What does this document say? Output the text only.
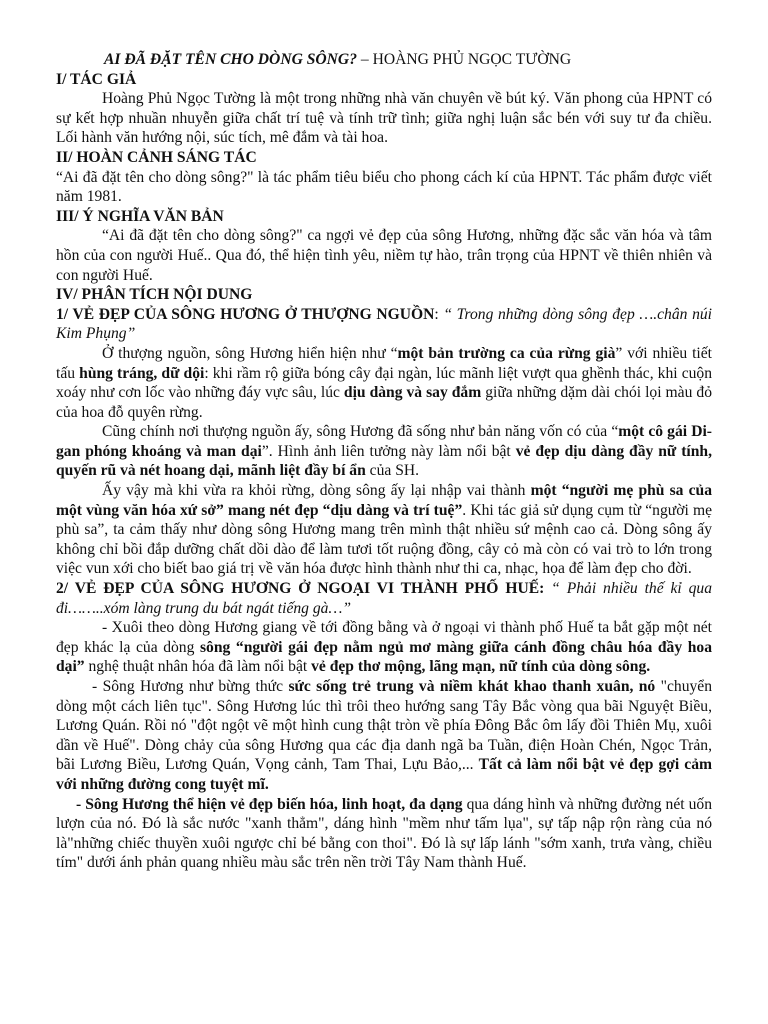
AI ĐÃ ĐẶT TÊN CHO DÒNG SÔNG? – HOÀNG PHỦ NGỌC TƯỜNG

I/ TÁC GIẢ

Hoàng Phủ Ngọc Tường là một trong những nhà văn chuyên về bút ký. Văn phong của HPNT có sự kết hợp nhuần nhuyễn giữa chất trí tuệ và tính trữ tình; giữa nghị luận sắc bén với suy tư đa chiều. Lối hành văn hướng nội, súc tích, mê đắm và tài hoa.

II/ HOÀN CẢNH SÁNG TÁC

“Ai đã đặt tên cho dòng sông?" là tác phẩm tiêu biểu cho phong cách kí của HPNT. Tác phẩm được viết năm 1981.

III/ Ý NGHĨA VĂN BẢN

“Ai đã đặt tên cho dòng sông?" ca ngợi vẻ đẹp của sông Hương, những đặc sắc văn hóa và tâm hồn của con người Huế.. Qua đó, thể hiện tình yêu, niềm tự hào, trân trọng của HPNT về thiên nhiên và con người Huế.

IV/ PHÂN TÍCH NỘI DUNG

1/ VẺ ĐẸP CỦA SÔNG HƯƠNG Ở THƯỢNG NGUỒN: “ Trong những dòng sông đẹp ….chân núi Kim Phụng”

Ở thượng nguồn, sông Hương hiển hiện như “một bản trường ca của rừng già” với nhiều tiết tấu hùng tráng, dữ dội: khi rầm rộ giữa bóng cây đại ngàn, lúc mãnh liệt vượt qua ghềnh thác, khi cuộn xoáy như cơn lốc vào những đáy vực sâu, lúc dịu dàng và say đắm giữa những dặm dài chói lọi màu đỏ của hoa đỗ quyên rừng.

Cũng chính nơi thượng nguồn ấy, sông Hương đã sống như bản năng vốn có của “một cô gái Di-gan phóng khoáng và man dại”. Hình ảnh liên tưởng này làm nổi bật vẻ đẹp dịu dàng đầy nữ tính, quyến rũ và nét hoang dại, mãnh liệt đầy bí ẩn của SH.

Ấy vậy mà khi vừa ra khỏi rừng, dòng sông ấy lại nhập vai thành một “người mẹ phù sa của một vùng văn hóa xứ sở” mang nét đẹp “dịu dàng và trí tuệ”. Khi tác giả sử dụng cụm từ “người mẹ phù sa”, ta cảm thấy như dòng sông Hương mang trên mình thật nhiều sứ mệnh cao cả. Dòng sông ấy không chỉ bồi đắp dưỡng chất dồi dào để làm tươi tốt ruộng đồng, cây cỏ mà còn có vai trò to lớn trong việc vun xới cho biết bao giá trị về văn hóa được hình thành như thi ca, nhạc, họa để làm đẹp cho đời.

2/ VẺ ĐẸP CỦA SÔNG HƯƠNG Ở NGOẠI VI THÀNH PHỐ HUẾ: “ Phải nhiều thế kỉ qua đi……..xóm làng trung du bát ngát tiếng gà…”

- Xuôi theo dòng Hương giang về tới đồng bằng và ở ngoại vi thành phố Huế ta bắt gặp một nét đẹp khác lạ của dòng sông “người gái đẹp nằm ngủ mơ màng giữa cánh đồng châu hóa đầy hoa dại” nghệ thuật nhân hóa đã làm nổi bật vẻ đẹp thơ mộng, lãng mạn, nữ tính của dòng sông.

- Sông Hương như bừng thức sức sống trẻ trung và niềm khát khao thanh xuân, nó "chuyển dòng một cách liên tục". Sông Hương lúc thì trôi theo hướng sang Tây Bắc vòng qua bãi Nguyệt Biều, Lương Quán. Rồi nó "đột ngột vẽ một hình cung thật tròn về phía Đông Bắc ôm lấy đồi Thiên Mụ, xuôi dần về Huế". Dòng chảy của sông Hương qua các địa danh ngã ba Tuần, điện Hoàn Chén, Ngọc Trản, bãi Lương Biều, Lương Quán, Vọng cảnh, Tam Thai, Lựu Bảo,... Tất cả làm nổi bật vẻ đẹp gợi cảm với những đường cong tuyệt mĩ.

- Sông Hương thể hiện vẻ đẹp biến hóa, linh hoạt, đa dạng qua dáng hình và những đường nét uốn lượn của nó. Đó là sắc nước "xanh thẳm", dáng hình "mềm như tấm lụa", sự tấp nập rộn ràng của nó là"những chiếc thuyền xuôi ngược chỉ bé bằng con thoi". Đó là sự lấp lánh "sớm xanh, trưa vàng, chiều tím" dưới ánh phản quang nhiều màu sắc trên nền trời Tây Nam thành Huế.
